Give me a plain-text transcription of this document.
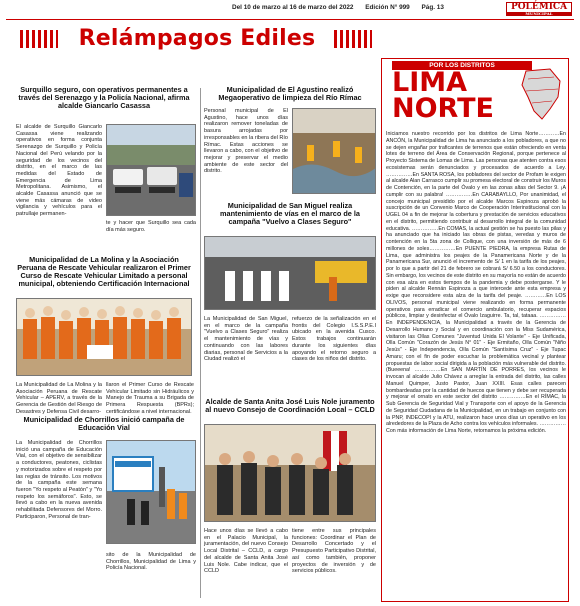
Del 10 de marzo al 16 de marzo del 2022 Edición N° 999 Pág. 13	POLÉMICA
MUNICIPAL
Relámpagos Ediles
Surquillo seguro, con operativos permanentes a través del Serenazgo y la Policía Nacional, afirma alcalde Giancarlo Casassa

El alcalde de Surquillo Giancarlo Casassa viene realizando operativos en forma conjunta Serenazgo de Surquillo y Policía Nacional del Perú velando por la seguridad de los vecinos del distrito, en el marco de las medidas del Estado de Emergencia de Lima Metropolitana. Asimismo, el alcalde Casassa anunció que se viene más cámaras de video vigilancia y vehículos para el patrullaje permanen-

te y hacer que Surquillo sea cada día más seguro.

Municipalidad de La Molina y la Asociación Peruana de Rescate Vehicular realizaron el Primer Curso de Rescate Vehicular Limitado a personal municipal, obteniendo Certificación Internacional

La Municipalidad de La Molina y la Asociación Peruana de Rescate Vehicular – APERV, a través de la Gerencia de Gestión del Riesgo de Desastres y Defensa Civil desarro-

llaron el Primer Curso de Rescate Vehicular Limitado sin Hidráulicos y Manejo de Trauma a su Brigada de Primera Respuesta (BPRs); certificándose a nivel internacional.

Municipalidad de Chorrillos inició campaña de Educación Vial

La Municipalidad de Chorrillos inició una campaña de Educación Vial, con el objetivo de sensibilizar a conductores, peatones, ciclistas y motorizados sobre el respeto por las reglas de tránsito. Los motivos de la campaña este semana fueron "Yo respeto al Peatón" y "Yo respeto los semáforos". Esto, se llevó a cabo en la nueva avenida rehabilitada Defensores del Morro. Participaron, Personal de tran-

sito de la Municipalidad de Chorrillos, Municipalidad de Lima y Policía Nacional.

Municipalidad de El Agustino realizó Megaoperativo de limpieza del Río Rímac

Personal municipal de El Agustino, hace unos días realizaron remover toneladas de basura arrojadas por irresponsables en la ribera del Río Rímac. Estas acciones se llevaron a cabo, con el objetivo de mejorar y preservar el medio ambiente de este sector del distrito.

Municipalidad de San Miguel realiza mantenimiento de vías en el marco de la campaña "Vuelvo a Clases Seguro"

La Municipalidad de San Miguel, en el marco de la campaña "Vuelvo a Clases Seguro" realiza el mantenimiento de vías y continuando con las labores diarias, personal de Servicios a la Ciudad realizó el

refuerzo de la señalización en el frontis del Colegio I.S.S.P.E.I ubicado en la avenida Cusco. Estos trabajos continuarán durante los siguientes días apoyando el retorno seguro a clases de los niños del distrito.

Alcalde de Santa Anita José Luis Nole juramento al nuevo Consejo de Coordinación Local – CCLD

Hace unos días se llevó a cabo en el Palacio Municipal, la juramentación, del nuevo Consejo Local Distrital – CCLD, a cargo del alcalde de Santa Anita José Luis Nole. Cabe indicar, que el CCLD

tiene entre sus principales funciones: Coordinar el Plan de Desarrollo Concertado y el Presupuesto Participativo Distrital, así como también, proponer proyectos de inversión y de servicios públicos.

POR LOS DISTRITOS
LIMA
NORTE

Iniciamos nuestro recorrido por los distritos de Lima Norte…………En ANCÓN, la Municipalidad de Lima ha anunciado a los pobladores, a que no se dejen engañar por traficantes de terrenos que están ofreciendo en venta lotes de terreno del Área de Conservación Regional, porque pertenece al Proyecto Sistema de Lomas de Lima. Las personas que atenten contra esos ecosistemas serán denunciados y procesados de acuerdo a Ley. ……………En SANTA ROSA, los pobladores del sector de Profam le exigen al alcalde Alan Carrasco cumplir su promesa electoral de construir los Muros de Contención, en la parte del Óvalo y en las zonas altas del Sector 9. ¡A cumplir con su palabra! ……………En CARABAYLLO, Por unanimidad, el concejo municipal presidido por el alcalde Marcos Espinoza aprobó la suscripción de un Convenio Marco de Cooperación Interinstitucional con la UGEL 04 a fin de mejorar la cobertura y prestación de servicios educativos en el distrito, permitiendo contribuir al desarrollo integral de la comunidad educativa. ……………En COMAS, la actual gestión se ha puesto las pilas y ha anunciado que ha iniciado las obras de pistas, veredas y muros de contención en la 5ta zona de Collique, con una inversión de más de 6 millones de soles……………En PUENTE PIEDRA, la empresa Rutas de Lima, que administra los peajes de la Panamericana Norte y de la Panamericana Sur, anunció el incremento de S/ 1 en la tarifa de los peajes, por lo que a partir del 21 de febrero se cobrará S/ 6.50 a los conductores. Sin embargo, los vecinos de este distrito en su mayoría no están de acuerdo con esa alza en estos tiempos de la pandemia y debe postergarse. Y le piden al alcalde Rennán Espinoza a que intercede ante esta empresa y exige que reconsidere esta alza de la tarifa del peaje. …………En LOS OLIVOS, personal municipal viene realizando en forma permanente operativos para erradicar el comercio ambulatorio, recuperar espacios públicos, limpiar y desinfectar el Óvalo Izaguirre. Ta, tal, tataaa. ……………En INDEPENDENCIA, la Municipalidad a través de la Gerencia de Desarrollo Humano y Social y en coordinación con la Miss Sudamérica, visitaron las Ollas Comunes "Juventud Unida El Volante" - Eje Unificada, Olla Común "Corazón de Jesús N° 01" - Eje Ermitaño, Olla Común "Niño Jesús" - Eje Independencia, Olla Común "Santísima Cruz" - Eje Tupac Amaru; con el fin de poder escuchar la problemática vecinal y plantear propuestas de labor social dirigida a la población más vulnerable del distrito. (Bueeena! ……………En SAN MARTÍN DE PORRES, los vecinos le invocan al alcalde Julio Chávez a arreglar la entrada del distrito, las calles Manuel Quimper, Justo Pastor, Juan XXIII. Esas calles parecen bombardeadas por la cantidad de huecos que tienen y debe ser recuperada y mejorar el ornato en este sector del distrito ……………En el RÍMAC, la Sub Gerencia de Seguridad Vial y Transporte con el apoyo de la Gerencia de Seguridad Ciudadana de la Municipalidad, en un trabajo en conjunto con la PNP, INDECOPI y la ATU, realizaron hace unos días un operativo en los alrededores de la Plaza de Acho contra los vehículos informales. ……………Con más información de Lima Norte, retornamos la próxima edición.
